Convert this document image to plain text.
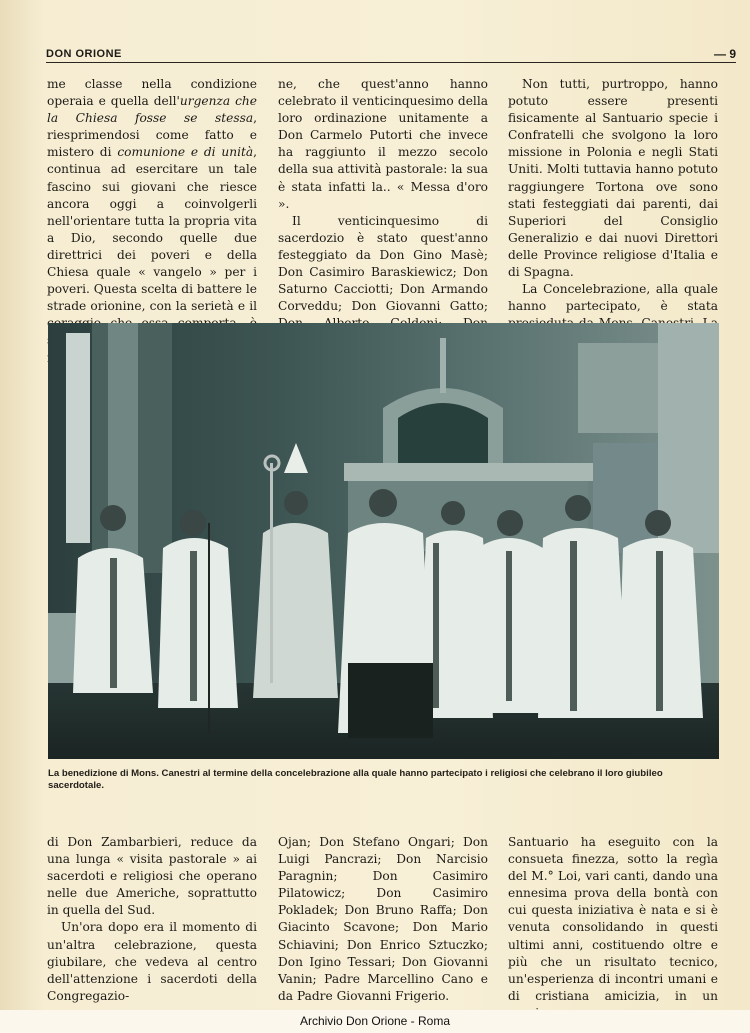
DON ORIONE	— 9

me classe nella condizione operaia e quella dell'urgenza che la Chiesa fosse se stessa, riesprimendosi come fatto e mistero di comunione e di unità, continua ad esercitare un tale fascino sui giovani che riesce ancora oggi a coinvolgerli nell'orientare tutta la propria vita a Dio, secondo quelle due direttrici dei poveri e della Chiesa quale « vangelo » per i poveri. Questa scelta di battere le strade orionine, con la serietà e il

ne, che quest'anno hanno celebrato il venticinquesimo della loro ordinazione unitamente a Don Carmelo Putorti che invece ha raggiunto il mezzo secolo della sua attività pastorale: la sua è stata infatti la.. « Messa d'oro ».

Il venticinquesimo di sacerdozio è stato quest'anno festeggiato da Don Gino Masè; Don Casimiro Baraskiewicz; Don Saturno Cacciotti; Don Armando Corveddu; Don Giovanni Gatto;

Non tutti, purtroppo, hanno potuto essere presenti fisicamente al Santuario specie i Confratelli che svolgono la loro missione in Polonia e negli Stati Uniti. Molti tuttavia hanno potuto raggiungere Tortona ove sono stati festeggiati dai parenti, dai Superiori del Consiglio Generalizio e dai nuovi Direttori delle Province religiose d'Italia e di Spagna.

La Concelebrazione, alla quale hanno partecipato, è stata

La benedizione di Mons. Canestri al termine della concelebrazione alla quale hanno partecipato i religiosi che celebrano il loro giubileo sacerdotale.

di Don Zambarbieri, reduce da una lunga « visita pastorale » ai sacerdoti e religiosi che operano nelle due Americhe, soprattutto in quella del Sud.

Un'ora dopo era il momento di un'altra celebrazione, questa giubilare, che vedeva al centro dell'attenzione i sacerdoti della Congregazio-

Ojan; Don Stefano Ongari; Don Luigi Pancrazi; Don Narcisio Paragnin; Don Casimiro Pilatowicz; Don Casimiro Pokladek; Don Bruno Raffa; Don Giacinto Scavone; Don Mario Schiavini; Don Enrico Sztuczko; Don Igino Tessari; Don Giovanni Vanin; Padre Marcellino Cano e da Padre Giovanni Frigerio.

Santuario ha eseguito con la consueta finezza, sotto la regìa del M.° Loi, vari canti, dando una ennesima prova della bontà con cui questa iniziativa è nata e si è venuta consolidando in questi ultimi anni, costituendo oltre e più che un risultato tecnico, un'esperienza di incontri umani e di cristiana amicizia, in un

Archivio Don Orione - Roma
